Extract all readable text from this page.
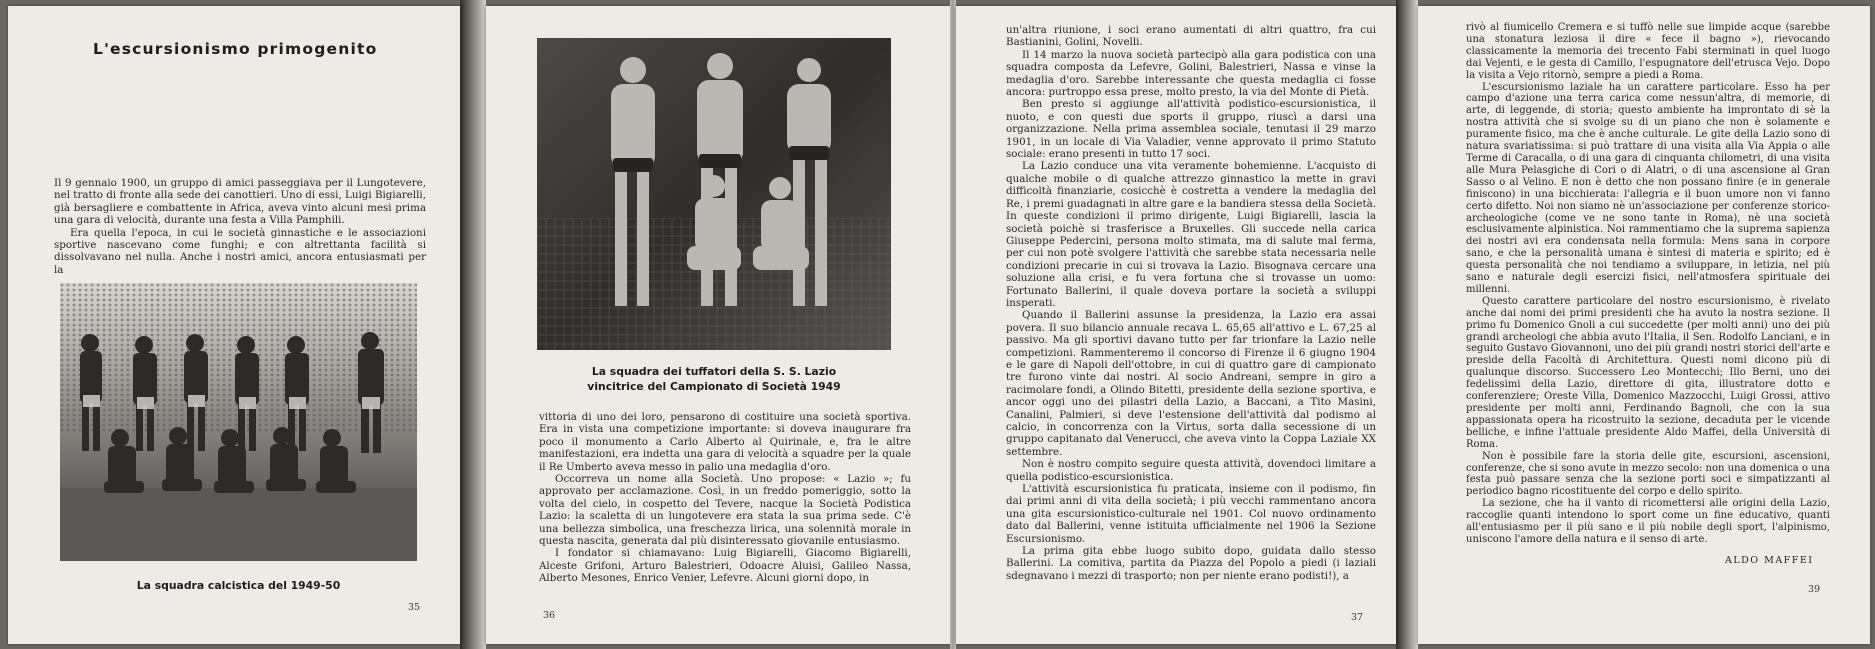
L'escursionismo primogenito

Il 9 gennaio 1900, un gruppo di amici passeggiava per il Lungotevere, nel tratto di fronte alla sede dei canottieri. Uno di essi, Luigi Bigiarelli, già bersagliere e combattente in Africa, aveva vinto alcuni mesi prima una gara di velocità, durante una festa a Villa Pamphili.

Era quella l'epoca, in cui le società ginnastiche e le associazioni sportive nascevano come funghi; e con altrettanta facilità si dissolvavano nel nulla. Anche i nostri amici, ancora entusiasmati per la

La squadra calcistica del 1949-50
35
La squadra dei tuffatori della S. S. Lazio
vincitrice del Campionato di Società 1949

vittoria di uno dei loro, pensarono di costituire una società sportiva. Era in vista una competizione importante: si doveva inaugurare fra poco il monumento a Carlo Alberto al Quirinale, e, fra le altre manifestazioni, era indetta una gara di velocità a squadre per la quale il Re Umberto aveva messo in palio una medaglia d'oro.

Occorreva un nome alla Società. Uno propose: « Lazio »; fu approvato per acclamazione. Così, in un freddo pomeriggio, sotto la volta del cielo, in cospetto del Tevere, nacque la Società Podistica Lazio: la scaletta di un lungotevere era stata la sua prima sede. C'è una bellezza simbolica, una freschezza lirica, una solennità morale in questa nascita, generata dal più disinteressato giovanile entusiasmo.

I fondator si chiamavano: Luig Bigiarelli, Giacomo Bigiarelli, Alceste Grifoni, Arturo Balestrieri, Odoacre Aluisi, Galileo Nassa, Alberto Mesones, Enrico Venier, Lefevre. Alcuni giorni dopo, in

36

un'altra riunione, i soci erano aumentati di altri quattro, fra cui Bastianini, Golini, Novelli.

Il 14 marzo la nuova società partecipò alla gara podistica con una squadra composta da Lefevre, Golini, Balestrieri, Nassa e vinse la medaglia d'oro. Sarebbe interessante che questa medaglia ci fosse ancora: purtroppo essa prese, molto presto, la via del Monte di Pietà.

Ben presto si aggiunge all'attività podistico-escursionistica, il nuoto, e con questi due sports il gruppo, riuscì a darsi una organizzazione. Nella prima assemblea sociale, tenutasi il 29 marzo 1901, in un locale di Via Valadier, venne approvato il primo Statuto sociale: erano presenti in tutto 17 soci.

La Lazio conduce una vita veramente bohemienne. L'acquisto di qualche mobile o di qualche attrezzo ginnastico la mette in gravi difficoltà finanziarie, cosicchè è costretta a vendere la medaglia del Re, i premi guadagnati in altre gare e la bandiera stessa della Società. In queste condizioni il primo dirigente, Luigi Bigiarelli, lascia la società poichè si trasferisce a Bruxelles. Gli succede nella carica Giuseppe Pedercini, persona molto stimata, ma di salute mal ferma, per cui non potè svolgere l'attività che sarebbe stata necessaria nelle condizioni precarie in cui si trovava la Lazio. Bisognava cercare una soluzione alla crisi, e fu vera fortuna che si trovasse un uomo: Fortunato Ballerini, il quale doveva portare la società a sviluppi insperati.

Quando il Ballerini assunse la presidenza, la Lazio era assai povera. Il suo bilancio annuale recava L. 65,65 all'attivo e L. 67,25 al passivo. Ma gli sportivi davano tutto per far trionfare la Lazio nelle competizioni. Rammenteremo il concorso di Firenze il 6 giugno 1904 e le gare di Napoli dell'ottobre, in cui di quattro gare di campionato tre furono vinte dai nostri. Al socio Andreani, sempre in giro a racimolare fondi, a Olindo Bitetti, presidente della sezione sportiva, e ancor oggi uno dei pilastri della Lazio, a Baccani, a Tito Masini, Canalini, Palmieri, si deve l'estensione dell'attività dal podismo al calcio, in concorrenza con la Virtus, sorta dalla secessione di un gruppo capitanato dal Venerucci, che aveva vinto la Coppa Laziale XX settembre.

Non è nostro compito seguire questa attività, dovendoci limitare a quella podistico-escursionistica.

L'attività escursionistica fu praticata, insieme con il podismo, fin dai primi anni di vita della società; i più vecchi rammentano ancora una gita escursionistico-culturale nel 1901. Col nuovo ordinamento dato dal Ballerini, venne istituita ufficialmente nel 1906 la Sezione Escursionismo.

La prima gita ebbe luogo subito dopo, guidata dallo stesso Ballerini. La comitiva, partita da Piazza del Popolo a piedi (i laziali sdegnavano i mezzi di trasporto; non per niente erano podisti!), a

37

rivò al fiumicello Cremera e si tuffò nelle sue limpide acque (sarebbe una stonatura leziosa il dire « fece il bagno »), rievocando classicamente la memoria dei trecento Fabi sterminati in quel luogo dai Vejenti, e le gesta di Camillo, l'espugnatore dell'etrusca Vejo. Dopo la visita a Vejo ritornò, sempre a piedi a Roma.

L'escursionismo laziale ha un carattere particolare. Esso ha per campo d'azione una terra carica come nessun'altra, di memorie, di arte, di leggende, di storia; questo ambiente ha improntato di sè la nostra attività che si svolge su di un piano che non è solamente e puramente fisico, ma che è anche culturale. Le gite della Lazio sono di natura svariatissima: si può trattare di una visita alla Via Appia o alle Terme di Caracalla, o di una gara di cinquanta chilometri, di una visita alle Mura Pelasgiche di Cori o di Alatri, o di una ascensione al Gran Sasso o al Velino. E non è detto che non possano finire (e in generale finiscono) in una bicchierata: l'allegria e il buon umore non vi fanno certo difetto. Noi non siamo nè un'associazione per conferenze storico-archeologiche (come ve ne sono tante in Roma), nè una società esclusivamente alpinistica. Noi rammentiamo che la suprema sapienza dei nostri avi era condensata nella formula: Mens sana in corpore sano, e che la personalità umana è sintesi di materia e spirito; ed è questa personalità che noi tendiamo a sviluppare, in letizia, nel più sano e naturale degli esercizi fisici, nell'atmosfera spirituale dei millenni.

Questo carattere particolare del nostro escursionismo, è rivelato anche dai nomi dei primi presidenti che ha avuto la nostra sezione. Il primo fu Domenico Gnoli a cui succedette (per molti anni) uno dei più grandi archeologi che abbia avuto l'Italia, il Sen. Rodolfo Lanciani, e in seguito Gustavo Giovannoni, uno dei più grandi nostri storici dell'arte e preside della Facoltà di Architettura. Questi nomi dicono più di qualunque discorso. Successero Leo Montecchi; Illo Berni, uno dei fedelissimi della Lazio, direttore di gita, illustratore dotto e conferenziere; Oreste Villa, Domenico Mazzocchi, Luigi Grossi, attivo presidente per molti anni, Ferdinando Bagnoli, che con la sua appassionata opera ha ricostruito la sezione, decaduta per le vicende belliche, e infine l'attuale presidente Aldo Maffei, della Università di Roma.

Non è possibile fare la storia delle gite, escursioni, ascensioni, conferenze, che si sono avute in mezzo secolo: non una domenica o una festa può passare senza che la sezione porti soci e simpatizzanti al periodico bagno ricostituente del corpo e dello spirito.

La sezione, che ha il vanto di ricomettersi alle origini della Lazio, raccoglie quanti intendono lo sport come un fine educativo, quanti all'entusiasmo per il più sano e il più nobile degli sport, l'alpinismo, uniscono l'amore della natura e il senso di arte.

ALDO MAFFEI
39
